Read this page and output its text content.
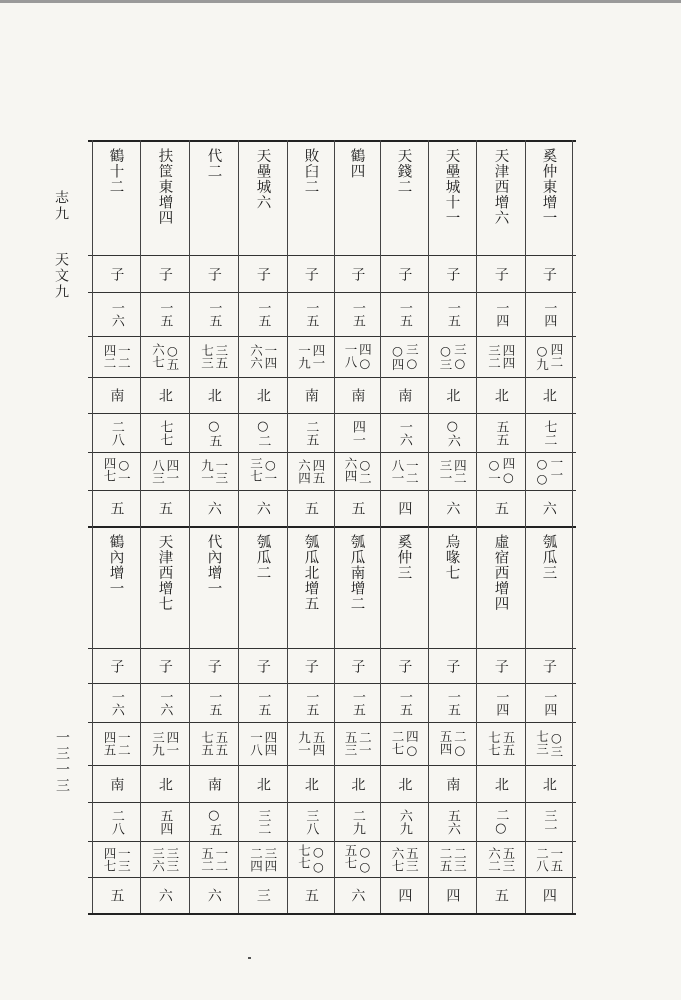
志九
天文九
一三一三
鶴十二
子
一六
一二
四二
南
二八
○一
四七
五
扶筐東增四
子
一五
○五
六七
北
七七
四一
八三
五
代二
子
一五
三五
七三
北
○五
一三
九一
六
天壘城六
子
一五
一四
六六
北
○二
○一
三七
六
敗臼二
子
一五
四一
一九
南
二五
四五
六四
五
鶴四
子
一五
四○
一八
南
四一
○二
六四
五
天錢二
子
一五
三○
○四
南
一六
一二
八一
四
天壘城十一
子
一五
三○
○三
北
○六
四二
三一
六
天津西增六
子
一四
四四
三二
北
五五
四○
○一
五
奚仲東增一
子
一四
四二
○九
北
七二
一一
○○
六
鶴內增一
子
一六
一二
四五
南
二八
一三
四七
五
天津西增七
子
一六
四一
三九
北
五四
三三
三六
六
代內增一
子
一五
五五
七五
南
○五
一二
五二
六
瓠瓜二
子
一五
四四
一八
北
三二
三四
二四
三
瓠瓜北增五
子
一五
五四
九一
北
三八
○○
七七
五
瓠瓜南增二
子
一五
二一
五三
北
二九
○○
五七
六
奚仲三
子
一五
四○
二七
北
六九
五三
六七
四
烏喙七
子
一五
二○
五四
南
五六
二三
二五
四
虛宿西增四
子
一四
五五
七七
北
二○
五三
六二
五
瓠瓜三
子
一四
○三
七三
北
三一
一五
二八
四
